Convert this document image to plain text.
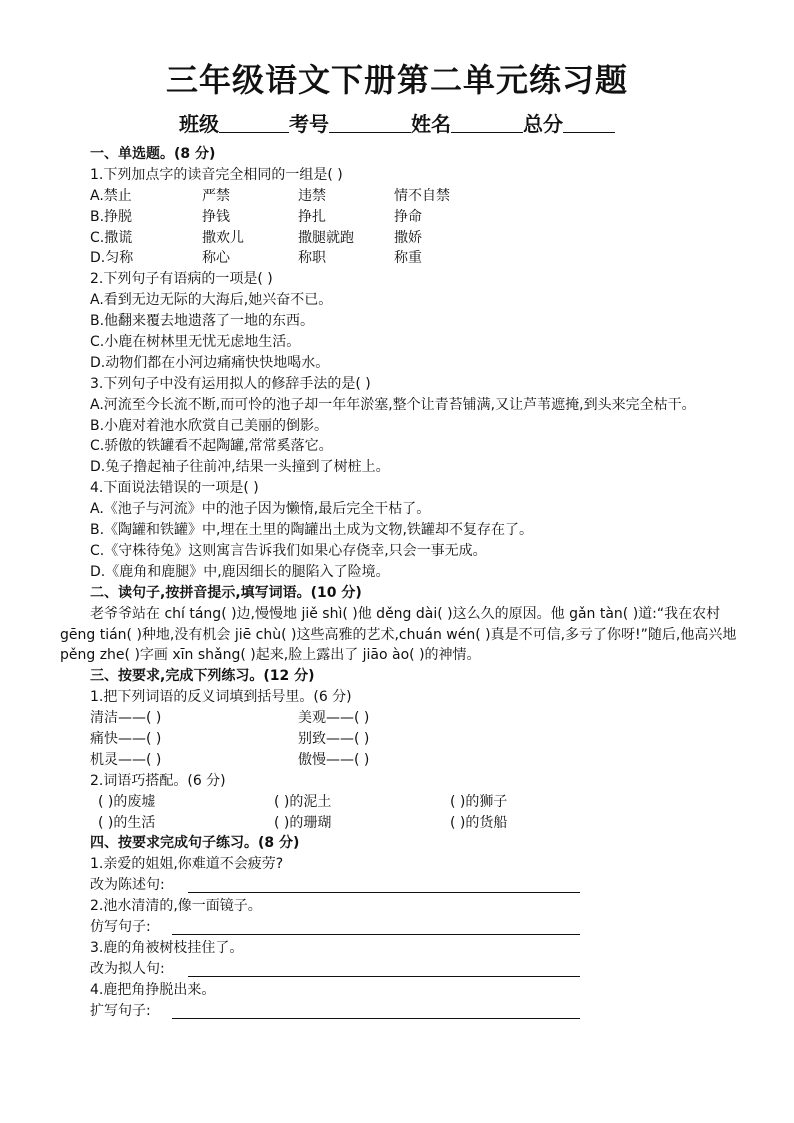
三年级语文下册第二单元练习题
班级	考号	姓名	总分
一、单选题。(8 分)
1.下列加点字的读音完全相同的一组是( )
A.禁止	严禁	违禁	情不自禁
B.挣脱	挣钱	挣扎	挣命
C.撒谎	撒欢儿	撒腿就跑	撒娇
D.匀称	称心	称职	称重
2.下列句子有语病的一项是( )
A.看到无边无际的大海后,她兴奋不已。
B.他翻来覆去地遗落了一地的东西。
C.小鹿在树林里无忧无虑地生活。
D.动物们都在小河边痛痛快快地喝水。
3.下列句子中没有运用拟人的修辞手法的是( )
A.河流至今长流不断,而可怜的池子却一年年淤塞,整个让青苔铺满,又让芦苇遮掩,到头来完全枯干。
B.小鹿对着池水欣赏自己美丽的倒影。
C.骄傲的铁罐看不起陶罐,常常奚落它。
D.兔子撸起袖子往前冲,结果一头撞到了树桩上。
4.下面说法错误的一项是( )
A.《池子与河流》中的池子因为懒惰,最后完全干枯了。
B.《陶罐和铁罐》中,埋在土里的陶罐出土成为文物,铁罐却不复存在了。
C.《守株待兔》这则寓言告诉我们如果心存侥幸,只会一事无成。
D.《鹿角和鹿腿》中,鹿因细长的腿陷入了险境。
二、读句子,按拼音提示,填写词语。(10 分)
老爷爷站在 chí táng( )边,慢慢地 jiě shì( )他 děng dài( )这么久的原因。他 gǎn tàn( )道:“我在农村 gēng tián( )种地,没有机会 jiē chù( )这些高雅的艺术,chuán wén( )真是不可信,多亏了你呀!”随后,他高兴地 pěng zhe( )字画 xīn shǎng( )起来,脸上露出了 jiāo ào( )的神情。
三、按要求,完成下列练习。(12 分)
1.把下列词语的反义词填到括号里。(6 分)
清洁——( )	美观——( )
痛快——( )	别致——( )
机灵——( )	傲慢——( )
2.词语巧搭配。(6 分)
( )的废墟	( )的泥土	( )的狮子
( )的生活	( )的珊瑚	( )的货船
四、按要求完成句子练习。(8 分)
1.亲爱的姐姐,你难道不会疲劳?
改为陈述句:
2.池水清清的,像一面镜子。
仿写句子:
3.鹿的角被树枝挂住了。
改为拟人句:
4.鹿把角挣脱出来。
扩写句子:
